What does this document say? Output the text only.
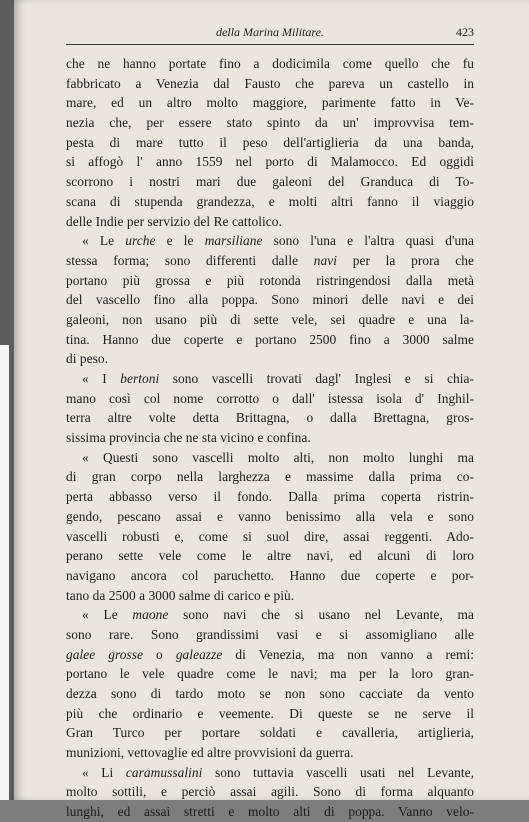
della Marina Militare.	423
che ne hanno portate fino a dodicimila come quello che fu
fabbricato a Venezia dal Fausto che pareva un castello in
mare, ed un altro molto maggiore, parimente fatto in Ve-
nezia che, per essere stato spinto da un' improvvisa tem-
pesta di mare tutto il peso dell'artiglieria da una banda,
si affogò l' anno 1559 nel porto di Malamocco. Ed oggidì
scorrono i nostri mari due galeoni del Granduca di To-
scana di stupenda grandezza, e molti altri fanno il viaggio
delle Indie per servizio del Re cattolico.
« Le urche e le marsiliane sono l'una e l'altra quasi d'una
stessa forma; sono differenti dalle navi per la prora che
portano più grossa e più rotonda ristringendosi dalla metà
del vascello fino alla poppa. Sono minori delle navi e dei
galeoni, non usano più di sette vele, sei quadre e una la-
tina. Hanno due coperte e portano 2500 fino a 3000 salme
di peso.
« I bertoni sono vascelli trovati dagl' Inglesi e si chia-
mano così col nome corrotto o dall' istessa isola d' Inghil-
terra altre volte detta Brittagna, o dalla Brettagna, gros-
sissima provincia che ne sta vicino e confina.
« Questi sono vascelli molto alti, non molto lunghi ma
di gran corpo nella larghezza e massime dalla prima co-
perta abbasso verso il fondo. Dalla prima coperta ristrin-
gendo, pescano assai e vanno benissimo alla vela e sono
vascelli robusti e, come si suol dire, assai reggenti. Ado-
perano sette vele come le altre navi, ed alcuni di loro
navigano ancora col paruchetto. Hanno due coperte e por-
tano da 2500 a 3000 salme di carico e più.
« Le maone sono navi che si usano nel Levante, ma
sono rare. Sono grandissimi vasi e si assomigliano alle
galee grosse o galeazze di Venezia, ma non vanno a remi:
portano le vele quadre come le navi; ma per la loro gran-
dezza sono di tardo moto se non sono cacciate da vento
più che ordinario e veemente. Di queste se ne serve il
Gran Turco per portare soldati e cavalleria, artiglieria,
munizioni, vettovaglie ed altre provvisioni da guerra.
« Li caramussalini sono tuttavia vascelli usati nel Levante,
molto sottili, e perciò assai agili. Sono di forma alquanto
lunghi, ed assai stretti e molto alti di poppa. Vanno velo-
